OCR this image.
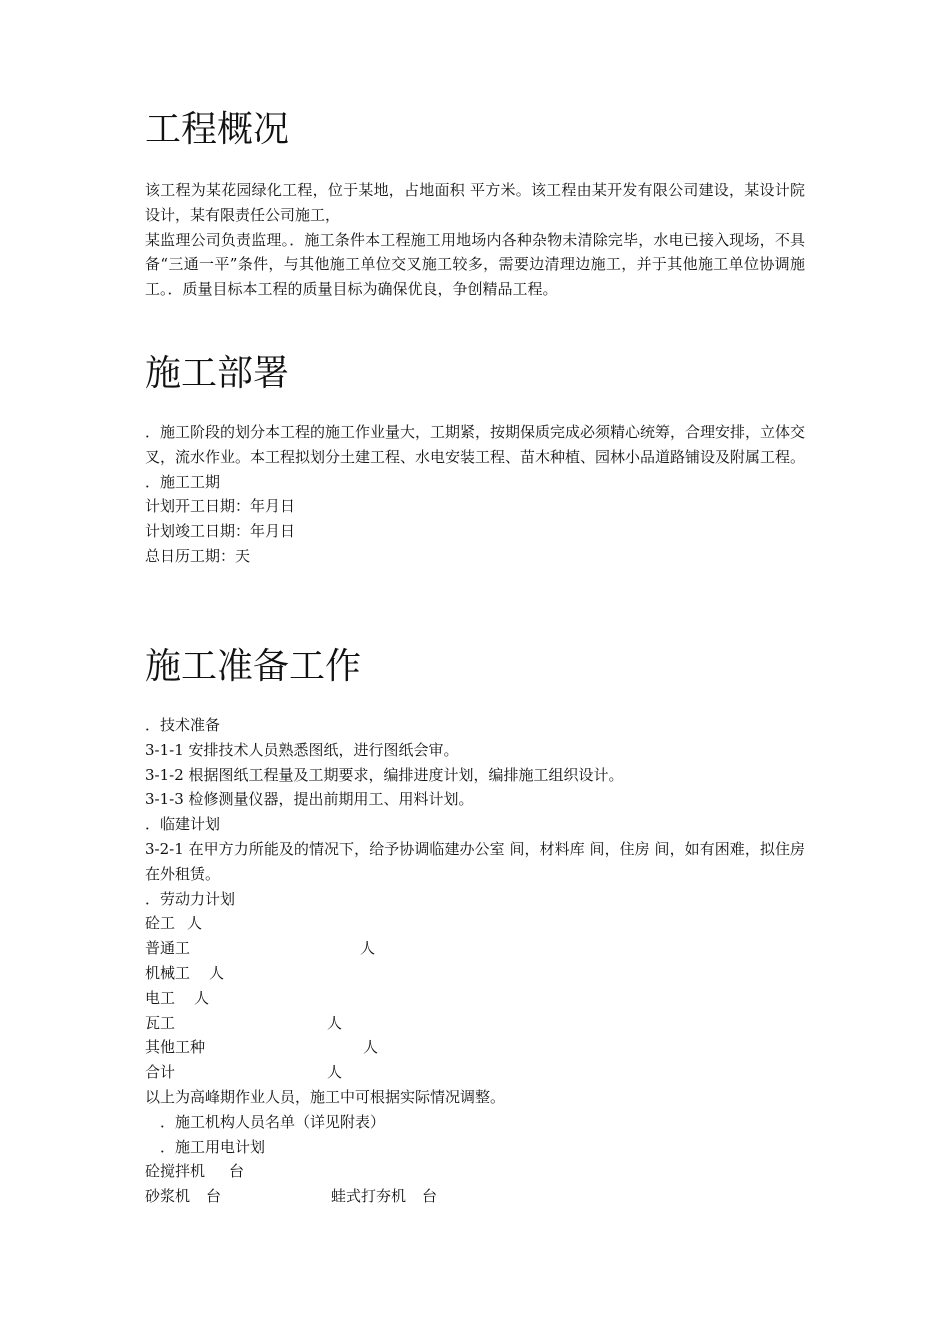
工程概况

该工程为某花园绿化工程，位于某地，占地面积 平方米。该工程由某开发有限公司建设，某设计院设计，某有限责任公司施工，

某监理公司负责监理。．施工条件本工程施工用地场内各种杂物未清除完毕，水电已接入现场，不具备“三通一平”条件，与其他施工单位交叉施工较多，需要边清理边施工，并于其他施工单位协调施工。．质量目标本工程的质量目标为确保优良，争创精品工程。

施工部署

．施工阶段的划分本工程的施工作业量大，工期紧，按期保质完成必须精心统筹，合理安排，立体交叉，流水作业。本工程拟划分土建工程、水电安装工程、苗木种植、园林小品道路铺设及附属工程。

．施工工期

计划开工日期：年月日

计划竣工日期：年月日

总日历工期：天

施工准备工作

．技术准备

3-1-1 安排技术人员熟悉图纸，进行图纸会审。

3-1-2 根据图纸工程量及工期要求，编排进度计划，编排施工组织设计。

3-1-3 检修测量仪器，提出前期用工、用料计划。

．临建计划

3-2-1 在甲方力所能及的情况下，给予协调临建办公室 间，材料库 间，住房 间，如有困难，拟住房在外租赁。

．劳动力计划

砼工 人
普通工	人
机械工 人
电工 人
瓦工	人
其他工种	人
合计	人

以上为高峰期作业人员，施工中可根据实际情况调整。

．施工机构人员名单（详见附表）

．施工用电计划

砼搅拌机 台
砂浆机 台	蛙式打夯机 台
